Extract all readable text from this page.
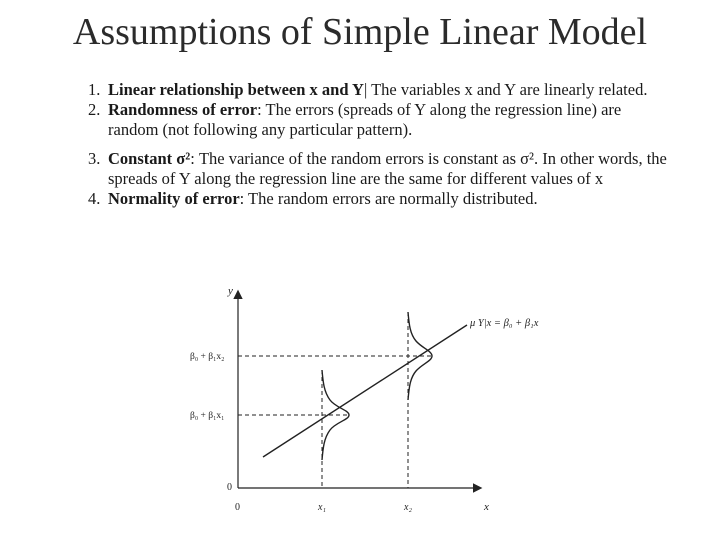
Assumptions of Simple Linear Model
1. Linear relationship between x and Y| The variables x and Y are linearly related.
2. Randomness of error: The errors (spreads of Y along the regression line) are random (not following any particular pattern).
3. Constant σ²: The variance of the random errors is constant as σ². In other words, the spreads of Y along the regression line are the same for different values of x
4. Normality of error: The random errors are normally distributed.
y
x
0
0	x₁	x₂
β₀ + β₁x₂
β₀ + β₁x₁
μ Y|x = β₀ + β₁x
